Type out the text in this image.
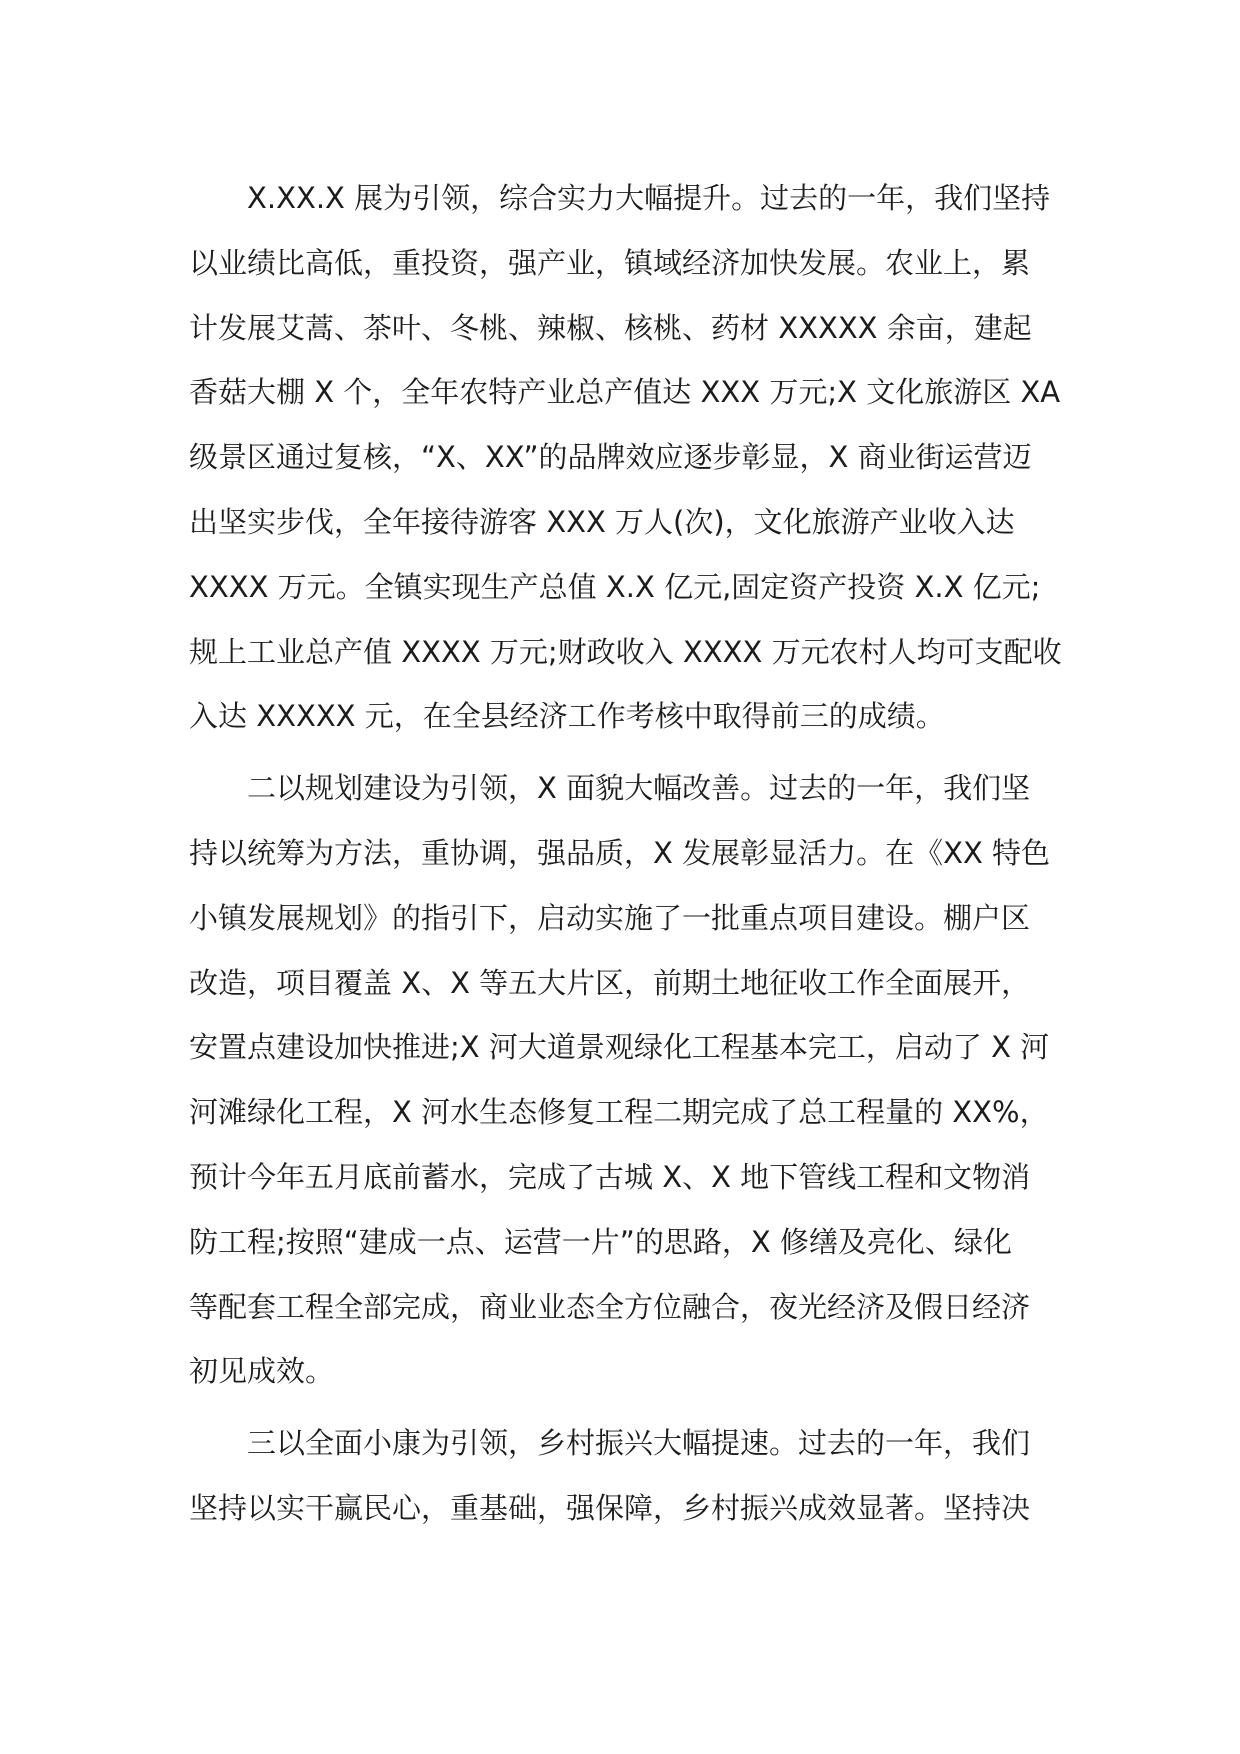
X.XX.X 展为引领，综合实力大幅提升。过去的一年，我们坚持
以业绩比高低，重投资，强产业，镇域经济加快发展。农业上，累
计发展艾蒿、茶叶、冬桃、辣椒、核桃、药材 XXXXX 余亩，建起
香菇大棚 X 个，全年农特产业总产值达 XXX 万元;X 文化旅游区 XA
级景区通过复核，“X、XX”的品牌效应逐步彰显，X 商业街运营迈
出坚实步伐，全年接待游客 XXX 万人(次)，文化旅游产业收入达
XXXX 万元。全镇实现生产总值 X.X 亿元,固定资产投资 X.X 亿元;
规上工业总产值 XXXX 万元;财政收入 XXXX 万元农村人均可支配收
入达 XXXXX 元，在全县经济工作考核中取得前三的成绩。
二以规划建设为引领，X 面貌大幅改善。过去的一年，我们坚
持以统筹为方法，重协调，强品质，X 发展彰显活力。在《XX 特色
小镇发展规划》的指引下，启动实施了一批重点项目建设。棚户区
改造，项目覆盖 X、X 等五大片区，前期土地征收工作全面展开，
安置点建设加快推进;X 河大道景观绿化工程基本完工，启动了 X 河
河滩绿化工程，X 河水生态修复工程二期完成了总工程量的 XX%，
预计今年五月底前蓄水，完成了古城 X、X 地下管线工程和文物消
防工程;按照“建成一点、运营一片”的思路，X 修缮及亮化、绿化
等配套工程全部完成，商业业态全方位融合，夜光经济及假日经济
初见成效。
三以全面小康为引领，乡村振兴大幅提速。过去的一年，我们
坚持以实干赢民心，重基础，强保障，乡村振兴成效显著。坚持决
